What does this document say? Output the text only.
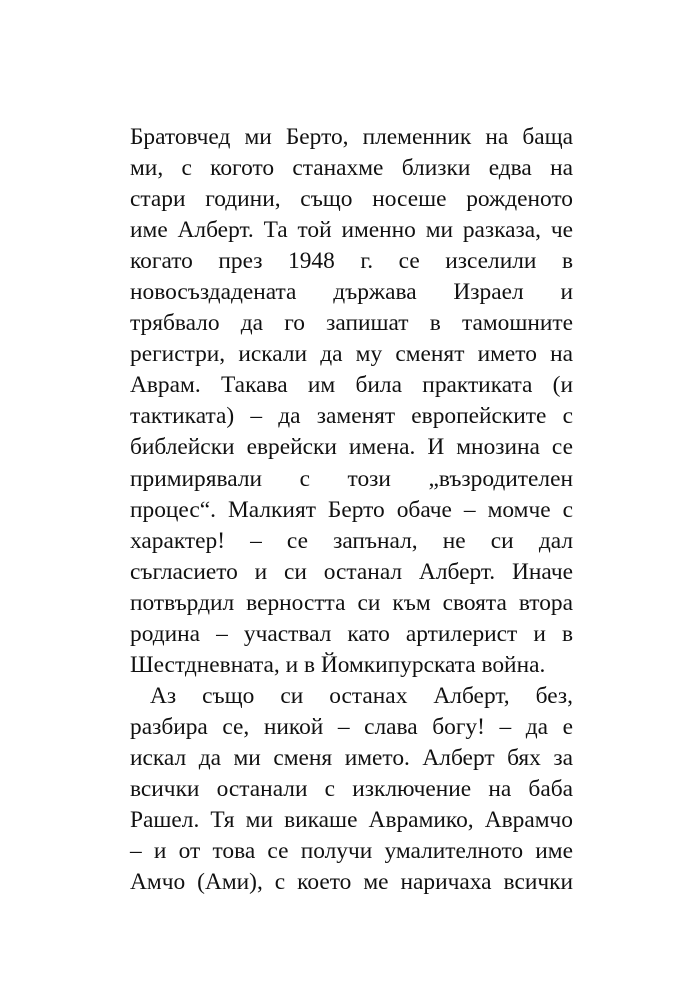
Братовчед ми Берто, племенник на баща
ми, с когото станахме близки едва на
стари години, също носеше рожденото
име Алберт. Та той именно ми разказа, че
когато през 1948 г. се изселили в
новосъздадената държава Израел и
трябвало да го запишат в тамошните
регистри, искали да му сменят името на
Аврам. Такава им била практиката (и
тактиката) – да заменят европейските с
библейски еврейски имена. И мнозина се
примирявали с този „възродителен
процес“. Малкият Берто обаче – момче с
характер! – се запънал, не си дал
съгласието и си останал Алберт. Иначе
потвърдил верността си към своята втора
родина – участвал като артилерист и в
Шестдневната, и в Йомкипурската война.
Аз също си останах Алберт, без,
разбира се, никой – слава богу! – да е
искал да ми сменя името. Алберт бях за
всички останали с изключение на баба
Рашел. Тя ми викаше Аврамико, Аврамчо
– и от това се получи умалителното име
Амчо (Ами), с което ме наричаха всички
